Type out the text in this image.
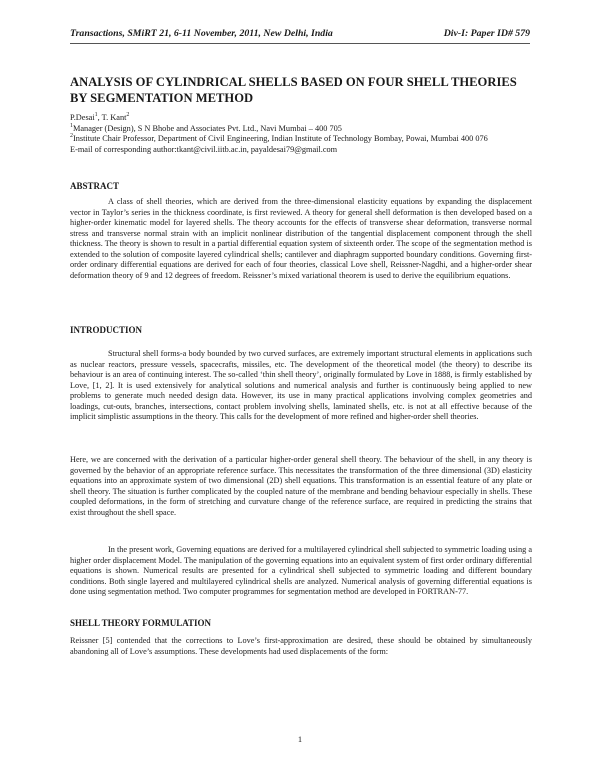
Transactions, SMiRT 21, 6-11 November, 2011, New Delhi, India	Div-I: Paper ID# 579
ANALYSIS OF CYLINDRICAL SHELLS BASED ON FOUR SHELL THEORIES BY SEGMENTATION METHOD

P.Desai$^1$, T. Kant$^2$

$^1$Manager (Design), S N Bhobe and Associates Pvt. Ltd., Navi Mumbai – 400 705

$^2$Institute Chair Professor, Department of Civil Engineering, Indian Institute of Technology Bombay, Powai, Mumbai 400 076

E-mail of corresponding author:tkant@civil.iitb.ac.in, payaldesai79@gmail.com

ABSTRACT

A class of shell theories, which are derived from the three-dimensional elasticity equations by expanding the displacement vector in Taylor’s series in the thickness coordinate, is first reviewed. A theory for general shell deformation is then developed based on a higher-order kinematic model for layered shells. The theory accounts for the effects of transverse shear deformation, transverse normal stress and transverse normal strain with an implicit nonlinear distribution of the tangential displacement component through the shell thickness. The theory is shown to result in a partial differential equation system of sixteenth order. The scope of the segmentation method is extended to the solution of composite layered cylindrical shells; cantilever and diaphragm supported boundary conditions. Governing first-order ordinary differential equations are derived for each of four theories, classical Love shell, Reissner-Nagdhi, and a higher-order shear deformation theory of 9 and 12 degrees of freedom. Reissner’s mixed variational theorem is used to derive the equilibrium equations.

INTRODUCTION

Structural shell forms-a body bounded by two curved surfaces, are extremely important structural elements in applications such as nuclear reactors, pressure vessels, spacecrafts, missiles, etc. The development of the theoretical model (the theory) to describe its behaviour is an area of continuing interest. The so-called ‘thin shell theory’, originally formulated by Love in 1888, is firmly established by Love, [1, 2]. It is used extensively for analytical solutions and numerical analysis and further is continuously being applied to new problems to generate much needed design data. However, its use in many practical applications involving complex geometries and loadings, cut-outs, branches, intersections, contact problem involving shells, laminated shells, etc. is not at all effective because of the implicit simplistic assumptions in the theory. This calls for the development of more refined and higher-order shell theories.

Here, we are concerned with the derivation of a particular higher-order general shell theory. The behaviour of the shell, in any theory is governed by the behavior of an appropriate reference surface. This necessitates the transformation of the three dimensional (3D) elasticity equations into an approximate system of two dimensional (2D) shell equations. This transformation is an essential feature of any plate or shell theory. The situation is further complicated by the coupled nature of the membrane and bending behaviour especially in shells. These coupled deformations, in the form of stretching and curvature change of the reference surface, are required in predicting the strains that exist throughout the shell space.

In the present work, Governing equations are derived for a multilayered cylindrical shell subjected to symmetric loading using a higher order displacement Model. The manipulation of the governing equations into an equivalent system of first order ordinary differential equations is shown. Numerical results are presented for a cylindrical shell subjected to symmetric loading and different boundary conditions. Both single layered and multilayered cylindrical shells are analyzed. Numerical analysis of governing differential equations is done using segmentation method. Two computer programmes for segmentation method are developed in FORTRAN-77.

SHELL THEORY FORMULATION

Reissner [5] contended that the corrections to Love’s first-approximation are desired, these should be obtained by simultaneously abandoning all of Love’s assumptions. These developments had used displacements of the form:

1
